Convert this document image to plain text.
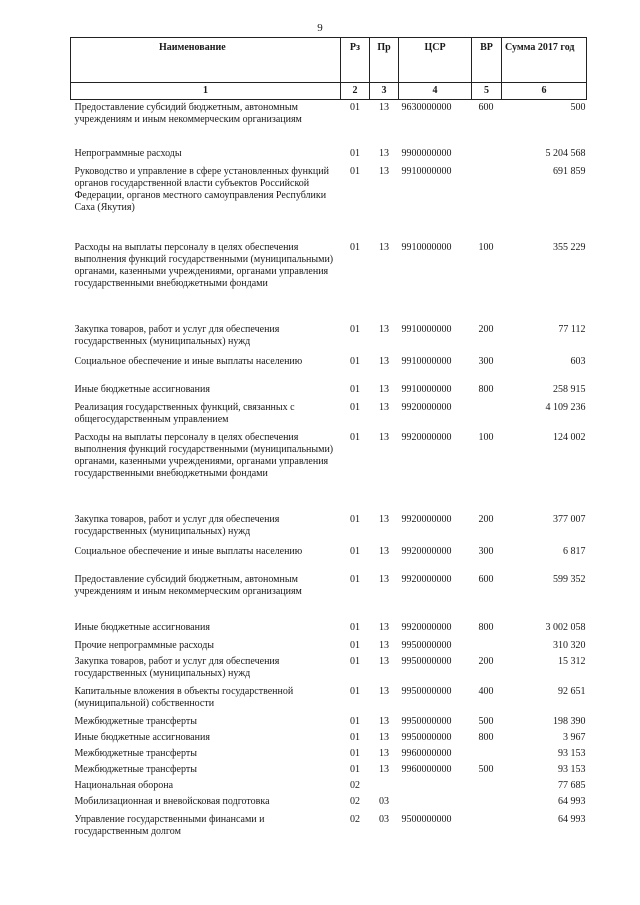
9
Наименование	Рз	Пр	ЦСР	ВР	Сумма 2017 год
1	2	3	4	5	6
Предоставление субсидий бюджетным, автономным учреждениям и иным некоммерческим организациям	01	13	9630000000	600	500
Непрограммные расходы	01	13	9900000000		5 204 568
Руководство и управление в сфере установленных функций органов государственной власти субъектов Российской Федерации, органов местного самоуправления Республики Саха (Якутия)	01	13	9910000000		691 859
Расходы на выплаты персоналу в целях обеспечения выполнения функций государственными (муниципальными) органами, казенными учреждениями, органами управления государственными внебюджетными фондами	01	13	9910000000	100	355 229
Закупка товаров, работ и услуг для обеспечения государственных (муниципальных) нужд	01	13	9910000000	200	77 112
Социальное обеспечение и иные выплаты населению	01	13	9910000000	300	603
Иные бюджетные ассигнования	01	13	9910000000	800	258 915
Реализация государственных функций, связанных с общегосударственным управлением	01	13	9920000000		4 109 236
Расходы на выплаты персоналу в целях обеспечения выполнения функций государственными (муниципальными) органами, казенными учреждениями, органами управления государственными внебюджетными фондами	01	13	9920000000	100	124 002
Закупка товаров, работ и услуг для обеспечения государственных (муниципальных) нужд	01	13	9920000000	200	377 007
Социальное обеспечение и иные выплаты населению	01	13	9920000000	300	6 817
Предоставление субсидий бюджетным, автономным учреждениям и иным некоммерческим организациям	01	13	9920000000	600	599 352
Иные бюджетные ассигнования	01	13	9920000000	800	3 002 058
Прочие непрограммные расходы	01	13	9950000000		310 320
Закупка товаров, работ и услуг для обеспечения государственных (муниципальных) нужд	01	13	9950000000	200	15 312
Капитальные вложения в объекты государственной (муниципальной) собственности	01	13	9950000000	400	92 651
Межбюджетные трансферты	01	13	9950000000	500	198 390
Иные бюджетные ассигнования	01	13	9950000000	800	3 967
Межбюджетные трансферты	01	13	9960000000		93 153
Межбюджетные трансферты	01	13	9960000000	500	93 153
Национальная оборона	02				77 685
Мобилизационная и вневойсковая подготовка	02	03			64 993
Управление государственными финансами и государственным долгом	02	03	9500000000		64 993
